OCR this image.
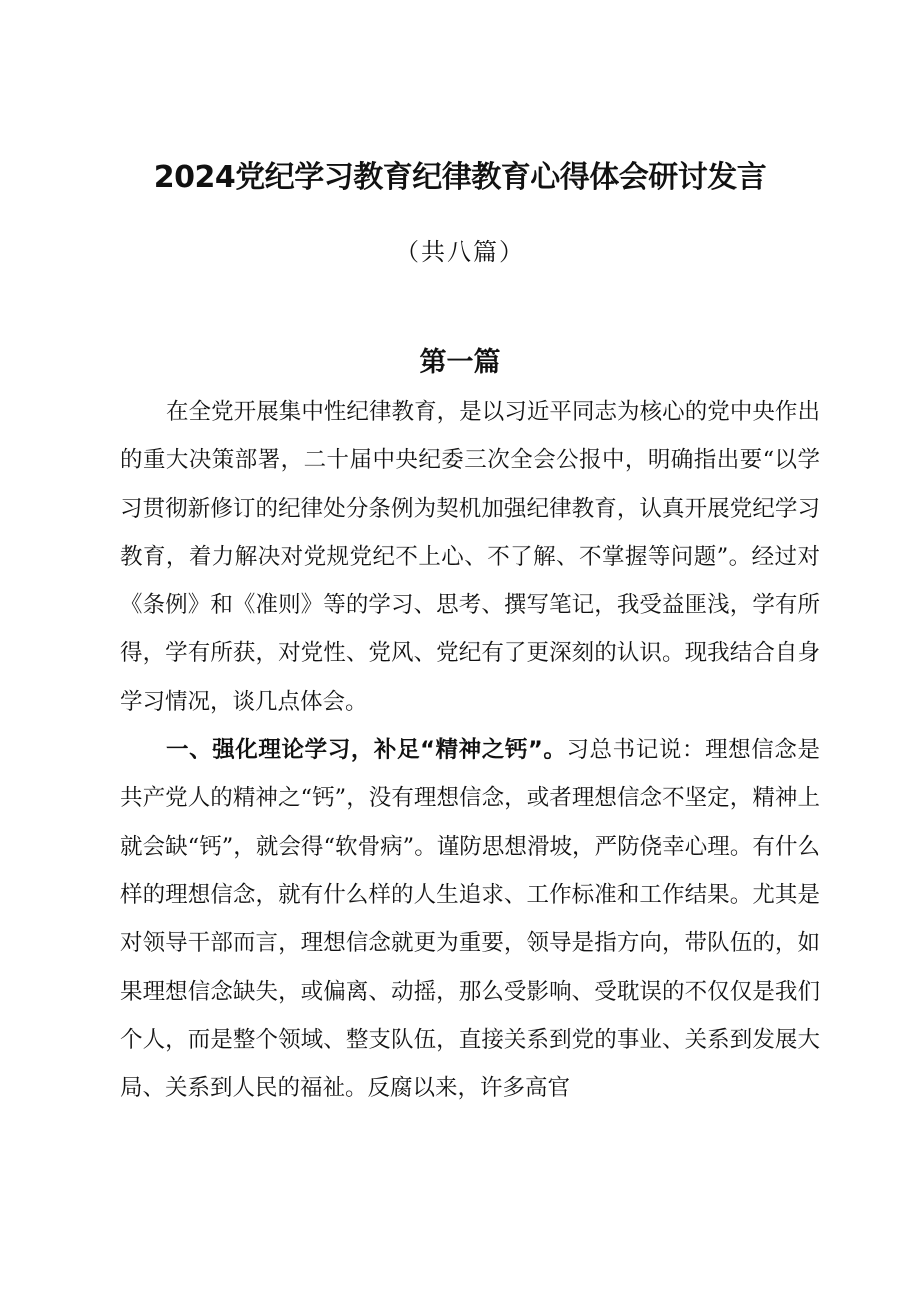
2024党纪学习教育纪律教育心得体会研讨发言
（共八篇）
第一篇

在全党开展集中性纪律教育，是以习近平同志为核心的党中央作出的重大决策部署，二十届中央纪委三次全会公报中，明确指出要“以学习贯彻新修订的纪律处分条例为契机加强纪律教育，认真开展党纪学习教育，着力解决对党规党纪不上心、不了解、不掌握等问题”。经过对《条例》和《准则》等的学习、思考、撰写笔记，我受益匪浅，学有所得，学有所获，对党性、党风、党纪有了更深刻的认识。现我结合自身学习情况，谈几点体会。

一、强化理论学习，补足“精神之钙”。习总书记说：理想信念是共产党人的精神之“钙”，没有理想信念，或者理想信念不坚定，精神上就会缺“钙”，就会得“软骨病”。谨防思想滑坡，严防侥幸心理。有什么样的理想信念，就有什么样的人生追求、工作标准和工作结果。尤其是对领导干部而言，理想信念就更为重要，领导是指方向，带队伍的，如果理想信念缺失，或偏离、动摇，那么受影响、受耽误的不仅仅是我们个人，而是整个领域、整支队伍，直接关系到党的事业、关系到发展大局、关系到人民的福祉。反腐以来，许多高官
